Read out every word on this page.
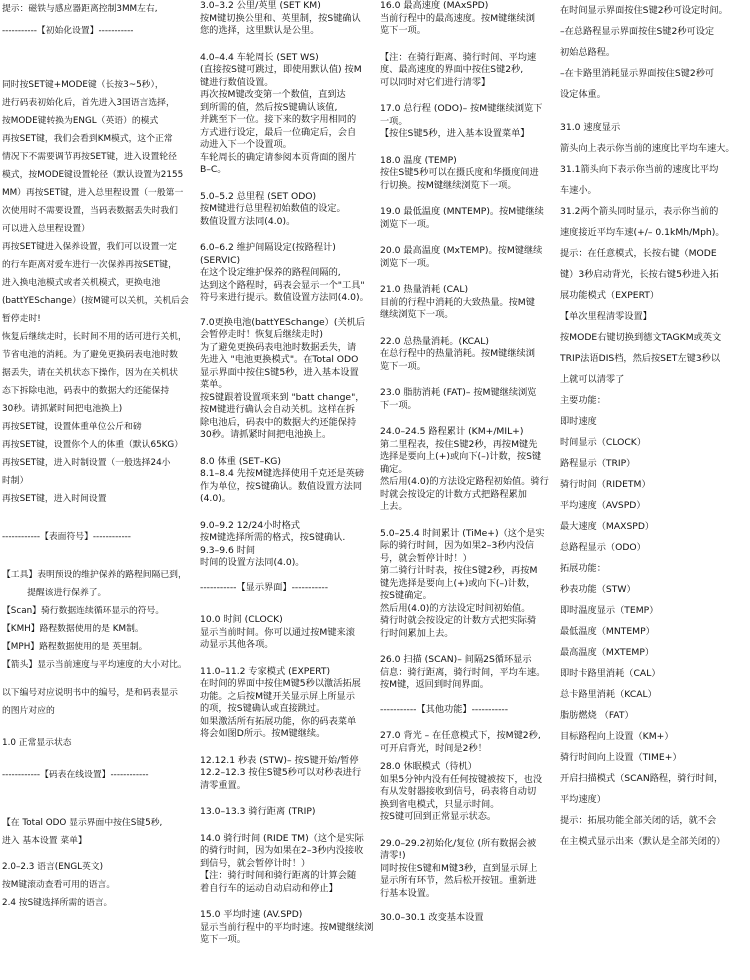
提示：磁铁与感应器距离控制3MM左右,

-----------【初始化设置】-----------

同时按SET键+MODE键（长按3~5秒），
进行码表初始化后，首先进入3国语言选择，
按MODE键转换为ENGL（英语）的模式
再按SET键，我们会看到KM模式，这个正常
情况下不需要调节再按SET键，进入设置轮径
模式，按MODE键设置轮径（默认设置为2155
MM）再按SET键，进入总里程设置（一般第一
次使用时不需要设置，当码表数据丢失时我们
可以进入总里程设置）
再按SET键进入保养设置，我们可以设置一定
的行车距离对爱车进行一次保养再按SET键，
进入换电池模式或者关机模式，更换电池
(battYESchange）(按M键可以关机，关机后会
暂停走时!
恢复后继续走时，长时间不用的话可进行关机，
节省电池的消耗。为了避免更换码表电池时数
据丢失，请在关机状态下操作，因为在关机状
态下拆除电池，码表中的数据大约还能保持
30秒。请抓紧时间把电池换上)
再按SET键，设置体重单位公斤和磅
再按SET键，设置你个人的体重（默认65KG）
再按SET键，进入时制设置（一般选择24小
时制）
再按SET键，进入时间设置

------------【表面符号】------------

【工具】表明预设的维护保养的路程间隔已到，
提醒该进行保养了。
【Scan】骑行数据连续循环显示的符号。
【KMH】路程数据使用的是 KM制。
【MPH】路程数据使用的是 英里制。
【箭头】显示当前速度与平均速度的大小对比。

以下编号对应说明书中的编号，是和码表显示
的图片对应的

1.0 正常显示状态

------------【码表在线设置】------------

【在 Total ODO 显示界面中按住S键5秒,
进入 基本设置 菜单】

2.0–2.3 语言(ENGL英文)
按M键滚动查看可用的语言。
2.4 按S键选择所需的语言。

3.0–3.2 公里/英里 (SET KM)
按M键切换公里和、英里制，按S键确认
您的选择，这里默认是公里。

4.0–4.4 车轮周长 (SET WS)
(直接按S键可跳过，即使用默认值) 按M
键进行数值设置。
再次按M键改变第一个数值，直到达
到所需的值，然后按S键确认该值,
并跳至下一位。接下来的数字用相同的
方式进行设定，最后一位确定后，会自
动进入下一个设置项。
车轮周长的确定请参阅本页背面的图片
B–C。

5.0–5.2 总里程 (SET ODO)
按M键进行总里程初始数值的设定。
数值设置方法同(4.0)。

6.0–6.2 维护间隔设定(按路程计)
(SERVIC)
在这个设定维护保养的路程间隔的,
达到这个路程时，码表会显示一个"工具"
符号来进行提示。数值设置方法同(4.0)。

7.0更换电池(battYESchange）(关机后
会暂停走时！恢复后继续走时)
为了避免更换码表电池时数据丢失，请
先进入 "电池更换模式"。在Total ODO
显示界面中按住S键5秒，进入基本设置
菜单。
按S键跟着设置项来到 "batt change"，
按M键进行确认会自动关机。这样在拆
除电池后，码表中的数据大约还能保持
30秒。请抓紧时间把电池换上。

8.0 体重 (SET–KG)
8.1–8.4 先按M键选择使用千克还是英磅
作为单位，按S键确认。数值设置方法同
(4.0)。

9.0–9.2 12/24小时格式
按M键选择所需的格式，按S键确认.
9.3–9.6 时间
时间的设置方法同(4.0)。

-----------【显示界面】-----------

10.0 时间 (CLOCK)
显示当前时间。你可以通过按M键来滚
动显示其他各项。

11.0–11.2 专家模式 (EXPERT)
在时间的界面中按住M键5秒以激活拓展
功能。之后按M键开关显示屏上所显示
的项，按S键确认或直接跳过。
如果激活所有拓展功能，你的码表菜单
将会如图D所示。按M键继续。

12.12.1 秒表 (STW)– 按S键开始/暂停
12.2–12.3 按住S键5秒可以对秒表进行
清零重置。

13.0–13.3 骑行距离 (TRIP)

14.0 骑行时间 (RIDE TM)（这个是实际
的骑行时间，因为如果在2–3秒内没接收
到信号，就会暂停计时！）
【注：骑行时间和骑行距离的计算会随
着自行车的运动自动启动和停止】

15.0 平均时速 (AV.SPD)
显示当前行程中的平均时速。按M键继续浏
览下一项。

16.0 最高速度 (MAxSPD)
当前行程中的最高速度。按M键继续浏
览下一项。

【注：在骑行距离、骑行时间、平均速
度、最高速度的界面中按住S键2秒,
可以同时对它们进行清零】

17.0 总行程 (ODO)– 按M键继续浏览下
一项。
【按住S键5秒，进入基本设置菜单】

18.0 温度 (TEMP)
按住S键5秒可以在摄氏度和华摄度间进
行切换。按M键继续浏览下一项。

19.0 最低温度 (MNTEMP)。按M键继续
浏览下一项。

20.0 最高温度 (MxTEMP)。按M键继续
浏览下一项。

21.0 热量消耗 (CAL)
目前的行程中消耗的大致热量。按M键
继续浏览下一项。

22.0 总热量消耗。(KCAL)
在总行程中的热量消耗。按M键继续浏
览下一项。

23.0 脂肪消耗 (FAT)– 按M键继续浏览
下一项。

24.0–24.5 路程累计 (KM+/MIL+)
第二里程表，按住S键2秒，再按M键先
选择是要向上(+)或向下(–)计数，按S键
确定。
然后用(4.0)的方法设定路程初始值。骑行
时就会按设定的计数方式把路程累加
上去。

5.0–25.4 时间累计 (TiMe+)（这个是实
际的骑行时间，因为如果2–3秒内没信
号，就会暂停计时！）
第二骑行计时表，按住S键2秒，再按M
键先选择是要向上(+)或向下(–)计数，
按S键确定。
然后用(4.0)的方法设定时间初始值。
骑行时就会按设定的计数方式把实际骑
行时间累加上去。

26.0 扫描 (SCAN)– 间隔2S循环显示
信息：骑行距离，骑行时间，平均车速。
按M键，返回到时间界面。

-----------【其他功能】-----------

27.0 背光 – 在任意模式下，按M键2秒,
可开启背光，时间是2秒！

28.0 休眠模式（待机）
如果5分钟内没有任何按键被按下，也没
有从发射器接收到信号，码表将自动切
换到省电模式，只显示时间。
按S键可回到正常显示状态。

29.0–29.2初始化/复位 (所有数据会被
清零!)
同时按住S键和M键3秒，直到显示屏上
显示所有环节，然后松开按钮。重新进
行基本设置。

30.0–30.1 改变基本设置

在时间显示界面按住S键2秒可设定时间。
–在总路程显示界面按住S键2秒可设定
初始总路程。
–在卡路里消耗显示界面按住S键2秒可
设定体重。

31.0 速度显示
箭头向上表示你当前的速度比平均车速大。
31.1箭头向下表示你当前的速度比平均
车速小。
31.2两个箭头同时显示，表示你当前的
速度接近平均车速(+/– 0.1kMh/Mph)。
提示：在任意模式，长按右键（MODE
键）3秒启动背光，长按右键5秒进入拓
展功能模式（EXPERT）

【单次里程清零设置】
按MODE右键切换到德文TAGKM或英文
TRIP法语DIS档，然后按SET左键3秒以
上就可以清零了
主要功能：
即时速度
时间显示（CLOCK）
路程显示（TRIP）
骑行时间（RIDETM）
平均速度（AVSPD）
最大速度（MAXSPD）
总路程显示（ODO）
拓展功能：
秒表功能（STW）
即时温度显示（TEMP）
最低温度（MNTEMP）
最高温度（MXTEMP）
即时卡路里消耗（CAL）
总卡路里消耗（KCAL）
脂肪燃烧 （FAT）
目标路程向上设置（KM+）
骑行时间向上设置（TIME+）
开启扫描模式（SCAN路程，骑行时间，
平均速度）
提示：拓展功能全部关闭的话，就不会
在主模式显示出来（默认是全部关闭的）
